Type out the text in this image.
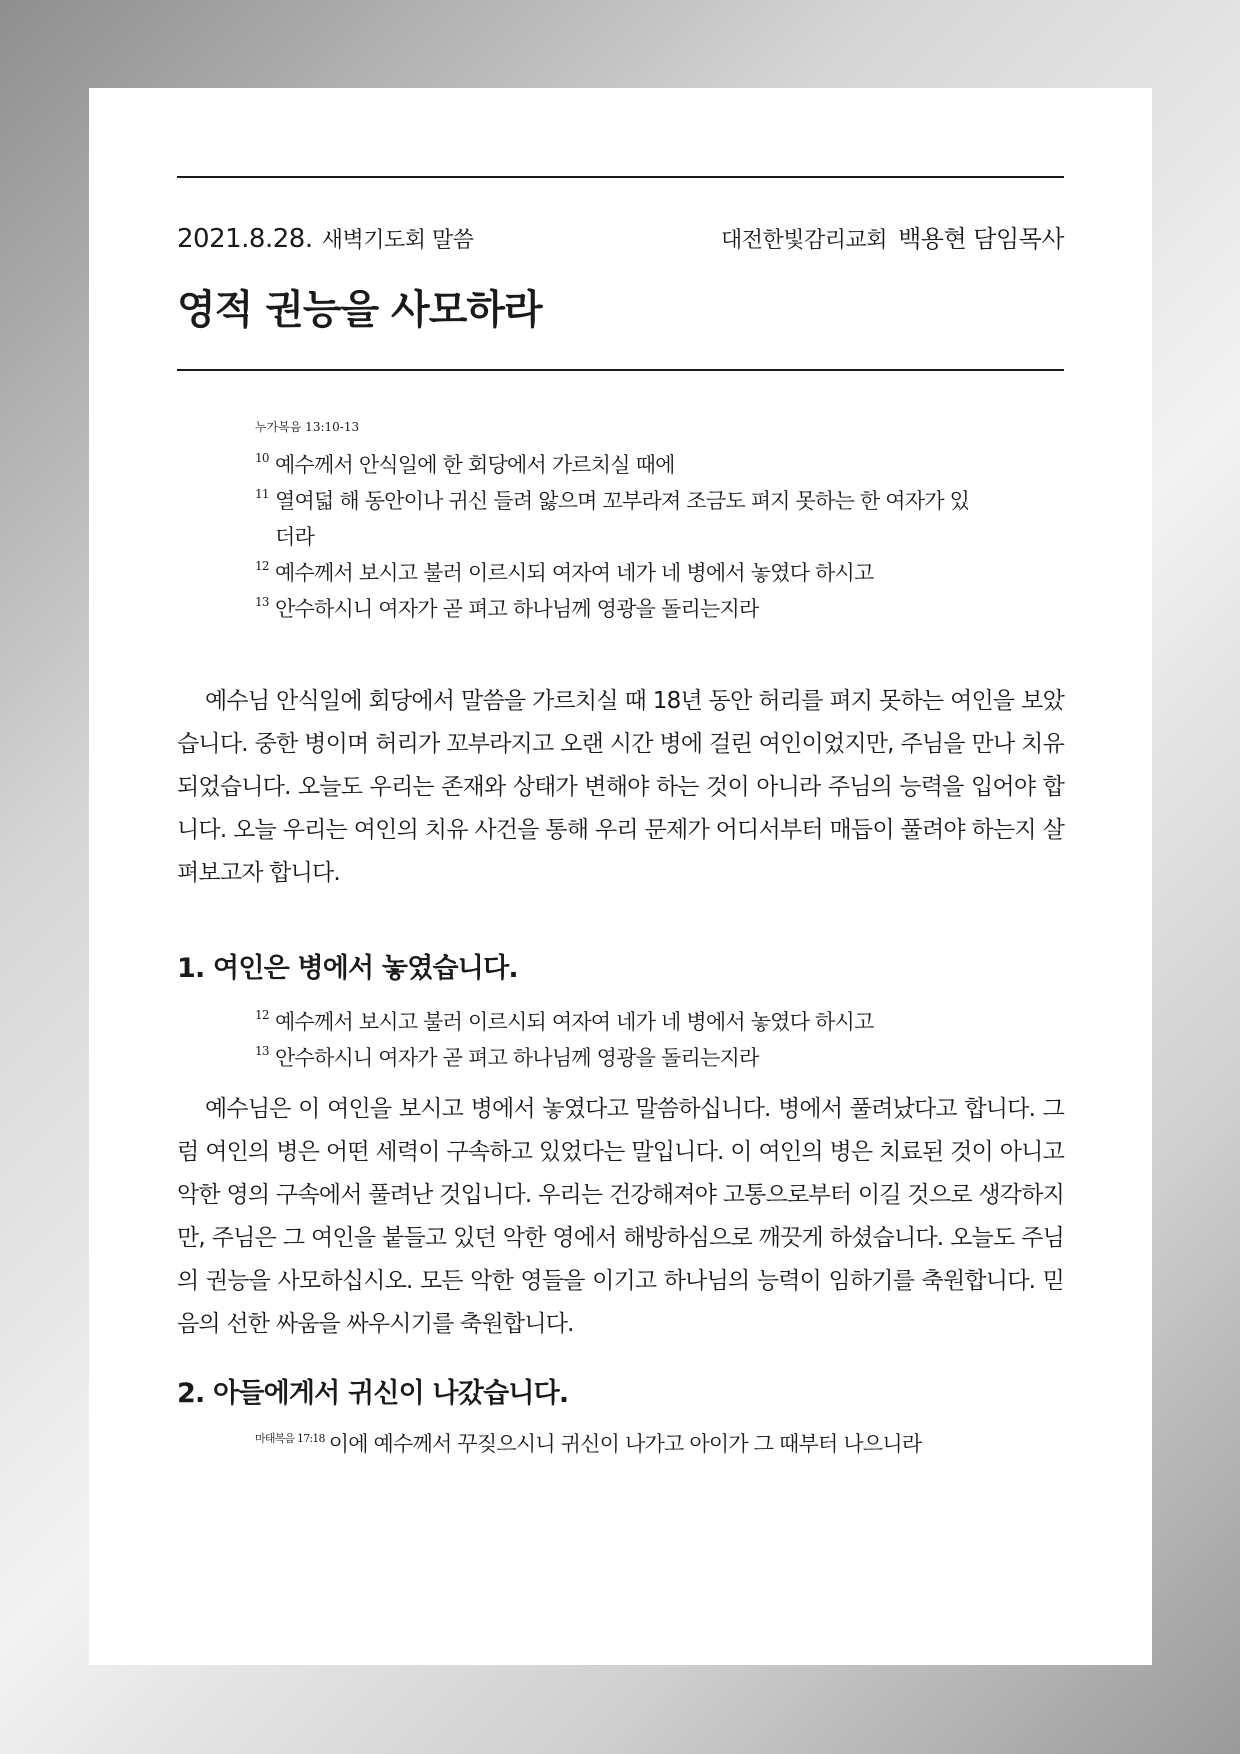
2021.8.28. 새벽기도회 말씀	대전한빛감리교회 백용현 담임목사
영적 권능을 사모하라
누가복음 13:10-13
10 예수께서 안식일에 한 회당에서 가르치실 때에
11 열여덟 해 동안이나 귀신 들려 앓으며 꼬부라져 조금도 펴지 못하는 한 여자가 있더라
12 예수께서 보시고 불러 이르시되 여자여 네가 네 병에서 놓였다 하시고
13 안수하시니 여자가 곧 펴고 하나님께 영광을 돌리는지라

예수님 안식일에 회당에서 말씀을 가르치실 때 18년 동안 허리를 펴지 못하는 여인을 보았습니다. 중한 병이며 허리가 꼬부라지고 오랜 시간 병에 걸린 여인이었지만, 주님을 만나 치유되었습니다. 오늘도 우리는 존재와 상태가 변해야 하는 것이 아니라 주님의 능력을 입어야 합니다. 오늘 우리는 여인의 치유 사건을 통해 우리 문제가 어디서부터 매듭이 풀려야 하는지 살펴보고자 합니다.

1. 여인은 병에서 놓였습니다.
12 예수께서 보시고 불러 이르시되 여자여 네가 네 병에서 놓였다 하시고
13 안수하시니 여자가 곧 펴고 하나님께 영광을 돌리는지라

예수님은 이 여인을 보시고 병에서 놓였다고 말씀하십니다. 병에서 풀려났다고 합니다. 그럼 여인의 병은 어떤 세력이 구속하고 있었다는 말입니다. 이 여인의 병은 치료된 것이 아니고 악한 영의 구속에서 풀려난 것입니다. 우리는 건강해져야 고통으로부터 이길 것으로 생각하지만, 주님은 그 여인을 붙들고 있던 악한 영에서 해방하심으로 깨끗게 하셨습니다. 오늘도 주님의 권능을 사모하십시오. 모든 악한 영들을 이기고 하나님의 능력이 임하기를 축원합니다. 믿음의 선한 싸움을 싸우시기를 축원합니다.

2. 아들에게서 귀신이 나갔습니다.
$^{마태복음 17:18}$ 이에 예수께서 꾸짖으시니 귀신이 나가고 아이가 그 때부터 나으니라
